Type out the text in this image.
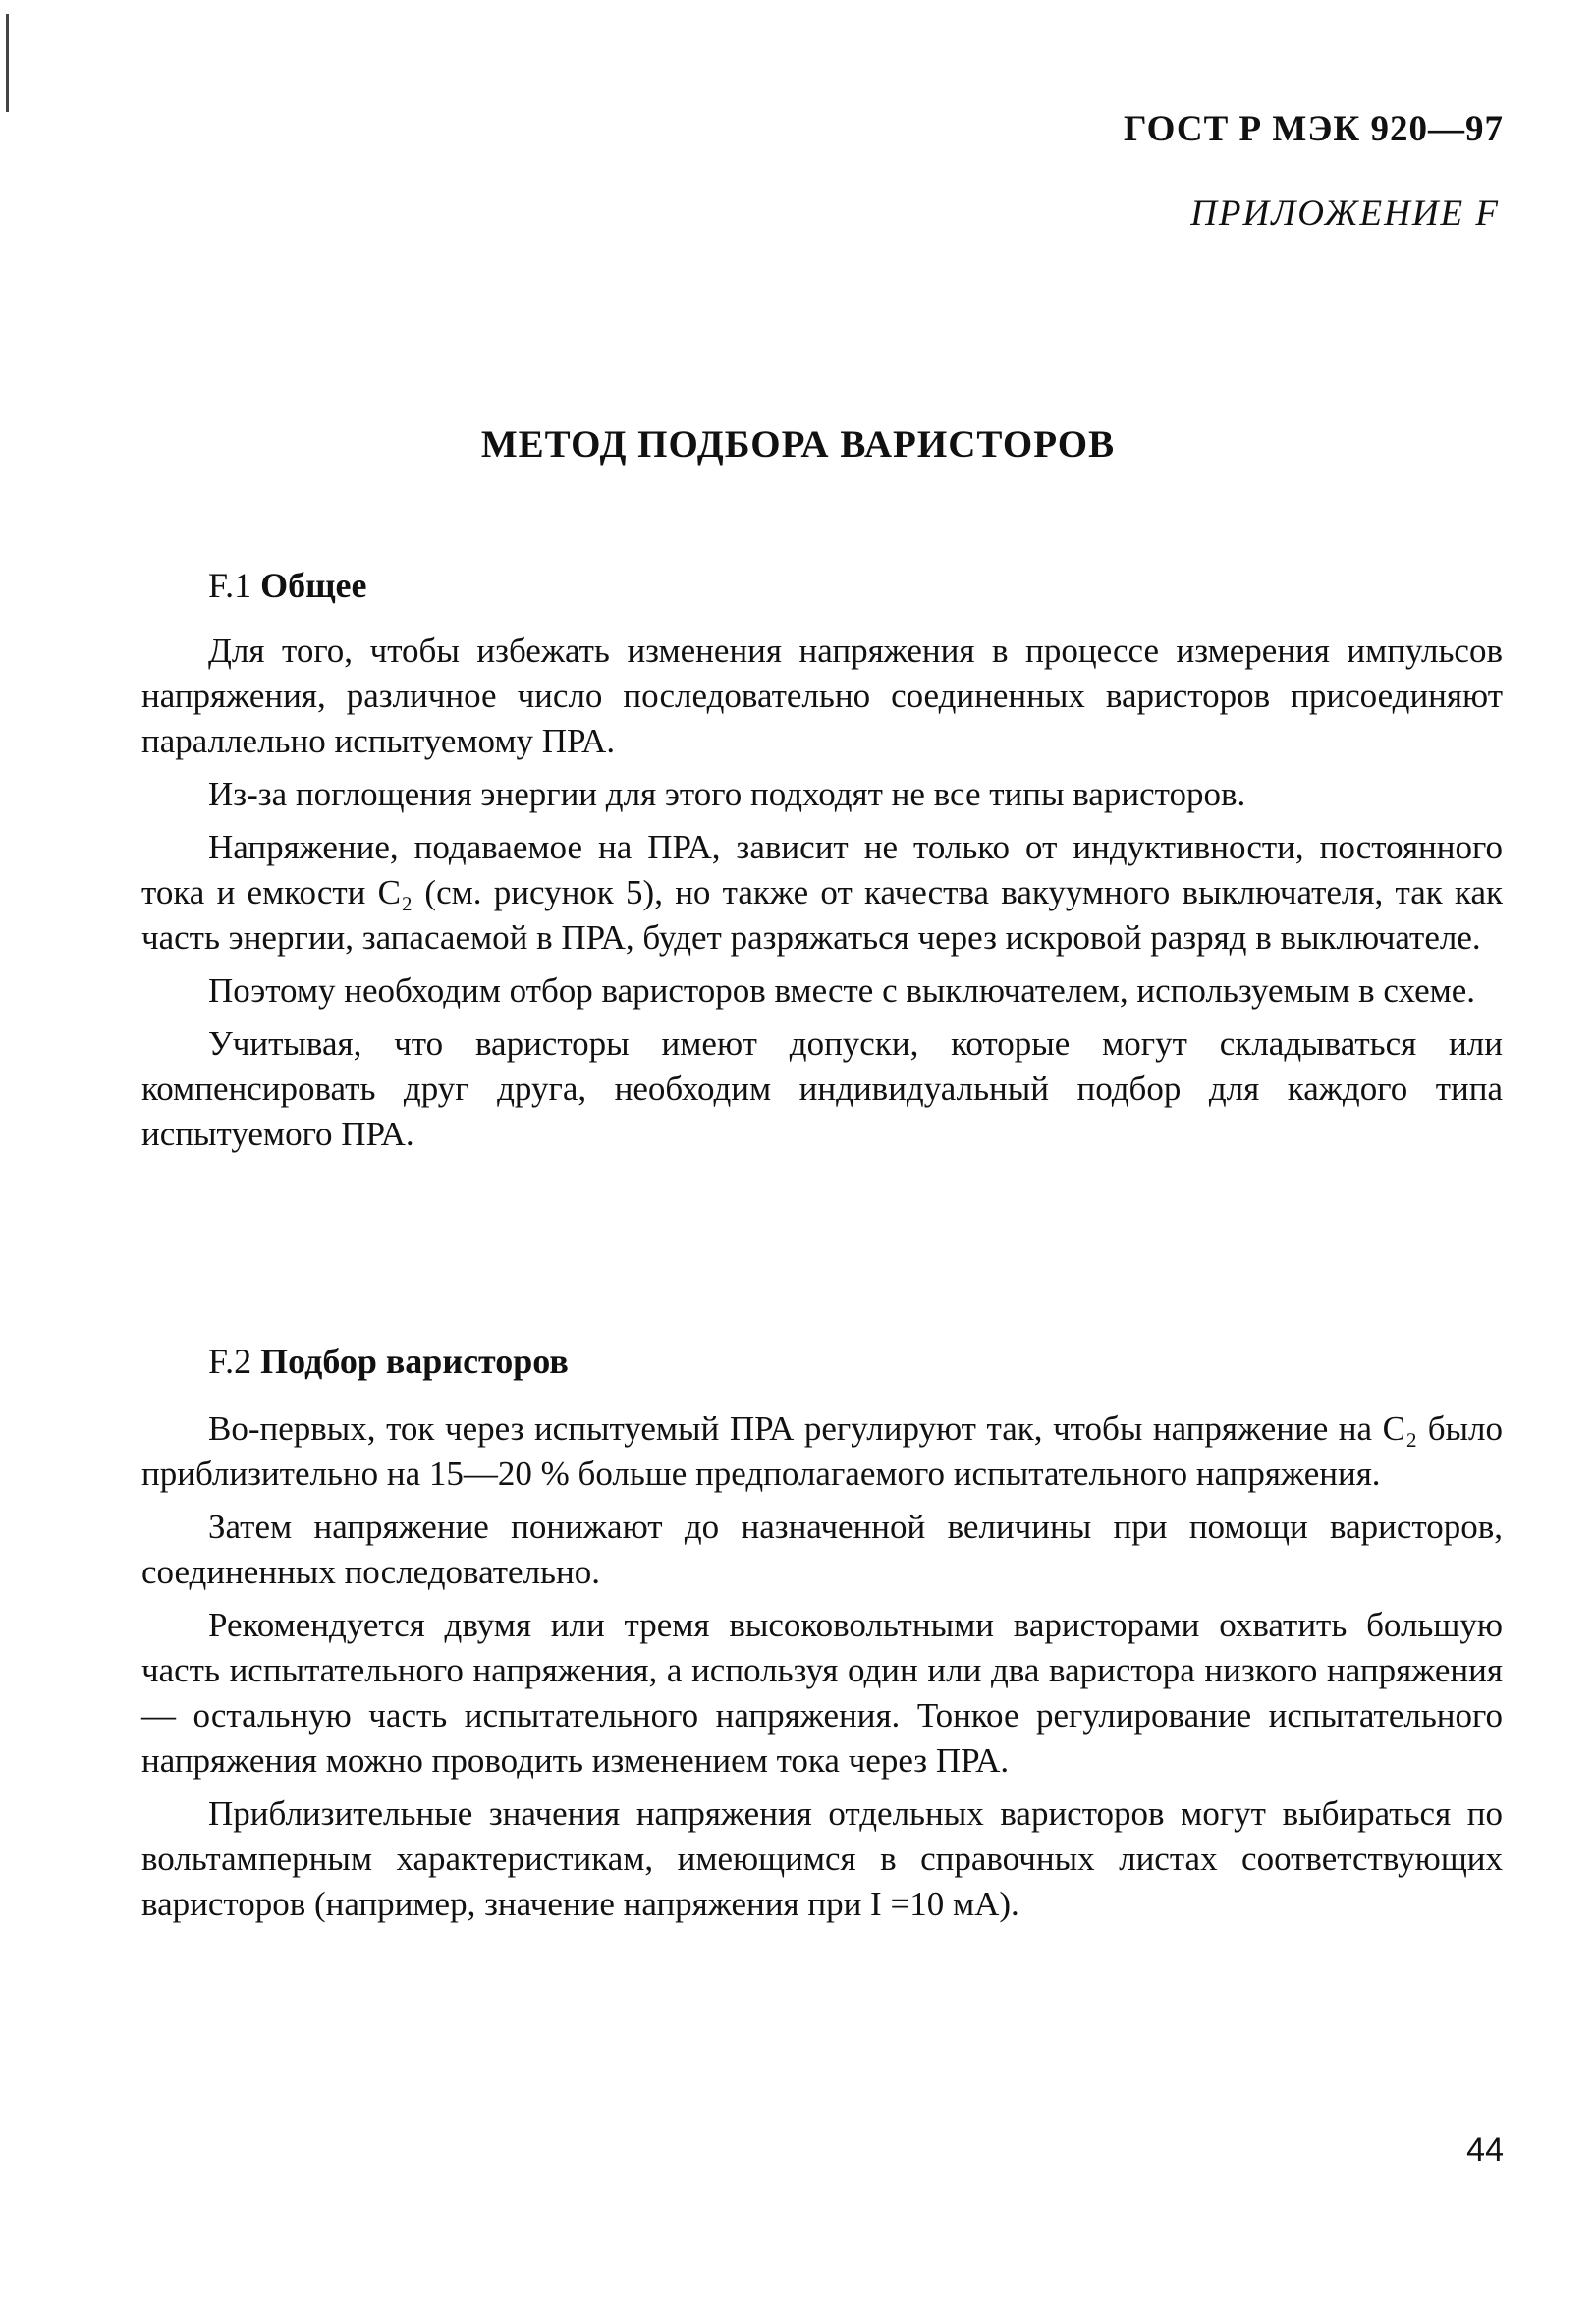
ГОСТ Р МЭК 920—97
ПРИЛОЖЕНИЕ F
МЕТОД ПОДБОРА ВАРИСТОРОВ
F.1 Общее

Для того, чтобы избежать изменения напряжения в процессе измерения импульсов напряжения, различное число последовательно соединенных варисторов присоединяют параллельно испытуемому ПРА.

Из-за поглощения энергии для этого подходят не все типы варисторов.

Напряжение, подаваемое на ПРА, зависит не только от индуктивности, постоянного тока и емкости C₂ (см. рисунок 5), но также от качества вакуумного выключателя, так как часть энергии, запасаемой в ПРА, будет разряжаться через искровой разряд в выключателе.

Поэтому необходим отбор варисторов вместе с выключателем, используемым в схеме.

Учитывая, что варисторы имеют допуски, которые могут складываться или компенсировать друг друга, необходим индивидуальный подбор для каждого типа испытуемого ПРА.

F.2 Подбор варисторов

Во-первых, ток через испытуемый ПРА регулируют так, чтобы напряжение на C₂ было приблизительно на 15—20 % больше предполагаемого испытательного напряжения.

Затем напряжение понижают до назначенной величины при помощи варисторов, соединенных последовательно.

Рекомендуется двумя или тремя высоковольтными варисторами охватить большую часть испытательного напряжения, а используя один или два варистора низкого напряжения — остальную часть испытательного напряжения. Тонкое регулирование испытательного напряжения можно проводить изменением тока через ПРА.

Приблизительные значения напряжения отдельных варисторов могут выбираться по вольтамперным характеристикам, имеющимся в справочных листах соответствующих варисторов (например, значение напряжения при I =10 мА).

44
